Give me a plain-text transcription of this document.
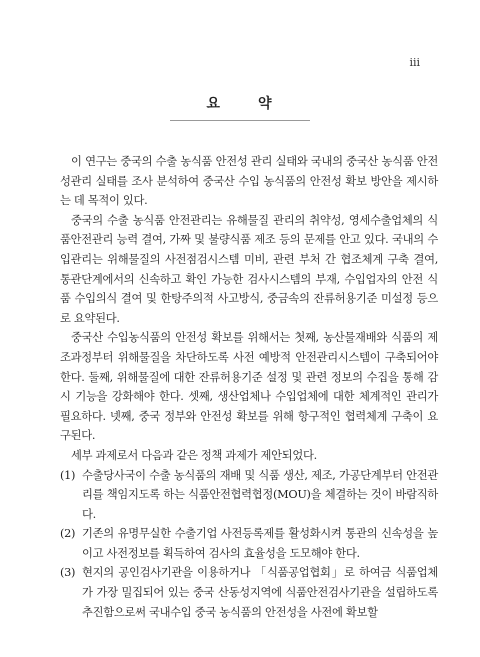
iii
요	약

이 연구는 중국의 수출 농식품 안전성 관리 실태와 국내의 중국산 농식품 안전성관리 실태를 조사 분석하여 중국산 수입 농식품의 안전성 확보 방안을 제시하는 데 목적이 있다.

중국의 수출 농식품 안전관리는 유해물질 관리의 취약성, 영세수출업체의 식품안전관리 능력 결여, 가짜 및 불량식품 제조 등의 문제를 안고 있다. 국내의 수입관리는 위해물질의 사전점검시스템 미비, 관련 부처 간 협조체계 구축 결여, 통관단계에서의 신속하고 확인 가능한 검사시스템의 부재, 수입업자의 안전 식품 수입의식 결여 및 한탕주의적 사고방식, 중금속의 잔류허용기준 미설정 등으로 요약된다.

중국산 수입농식품의 안전성 확보를 위해서는 첫째, 농산물재배와 식품의 제조과정부터 위해물질을 차단하도록 사전 예방적 안전관리시스템이 구축되어야 한다. 둘째, 위해물질에 대한 잔류허용기준 설정 및 관련 정보의 수집을 통해 감시 기능을 강화해야 한다. 셋째, 생산업체나 수입업체에 대한 체계적인 관리가 필요하다. 넷째, 중국 정부와 안전성 확보를 위해 항구적인 협력체계 구축이 요구된다.

세부 과제로서 다음과 같은 정책 과제가 제안되었다.

(1) 수출당사국이 수출 농식품의 재배 및 식품 생산, 제조, 가공단계부터 안전관리를 책임지도록 하는 식품안전협력협정(MOU)을 체결하는 것이 바람직하다.
(2) 기존의 유명무실한 수출기업 사전등록제를 활성화시켜 통관의 신속성을 높이고 사전정보를 획득하여 검사의 효율성을 도모해야 한다.
(3) 현지의 공인검사기관을 이용하거나 「식품공업협회」로 하여금 식품업체가 가장 밀집되어 있는 중국 산동성지역에 식품안전검사기관을 설립하도록 추진함으로써 국내수입 중국 농식품의 안전성을 사전에 확보할
